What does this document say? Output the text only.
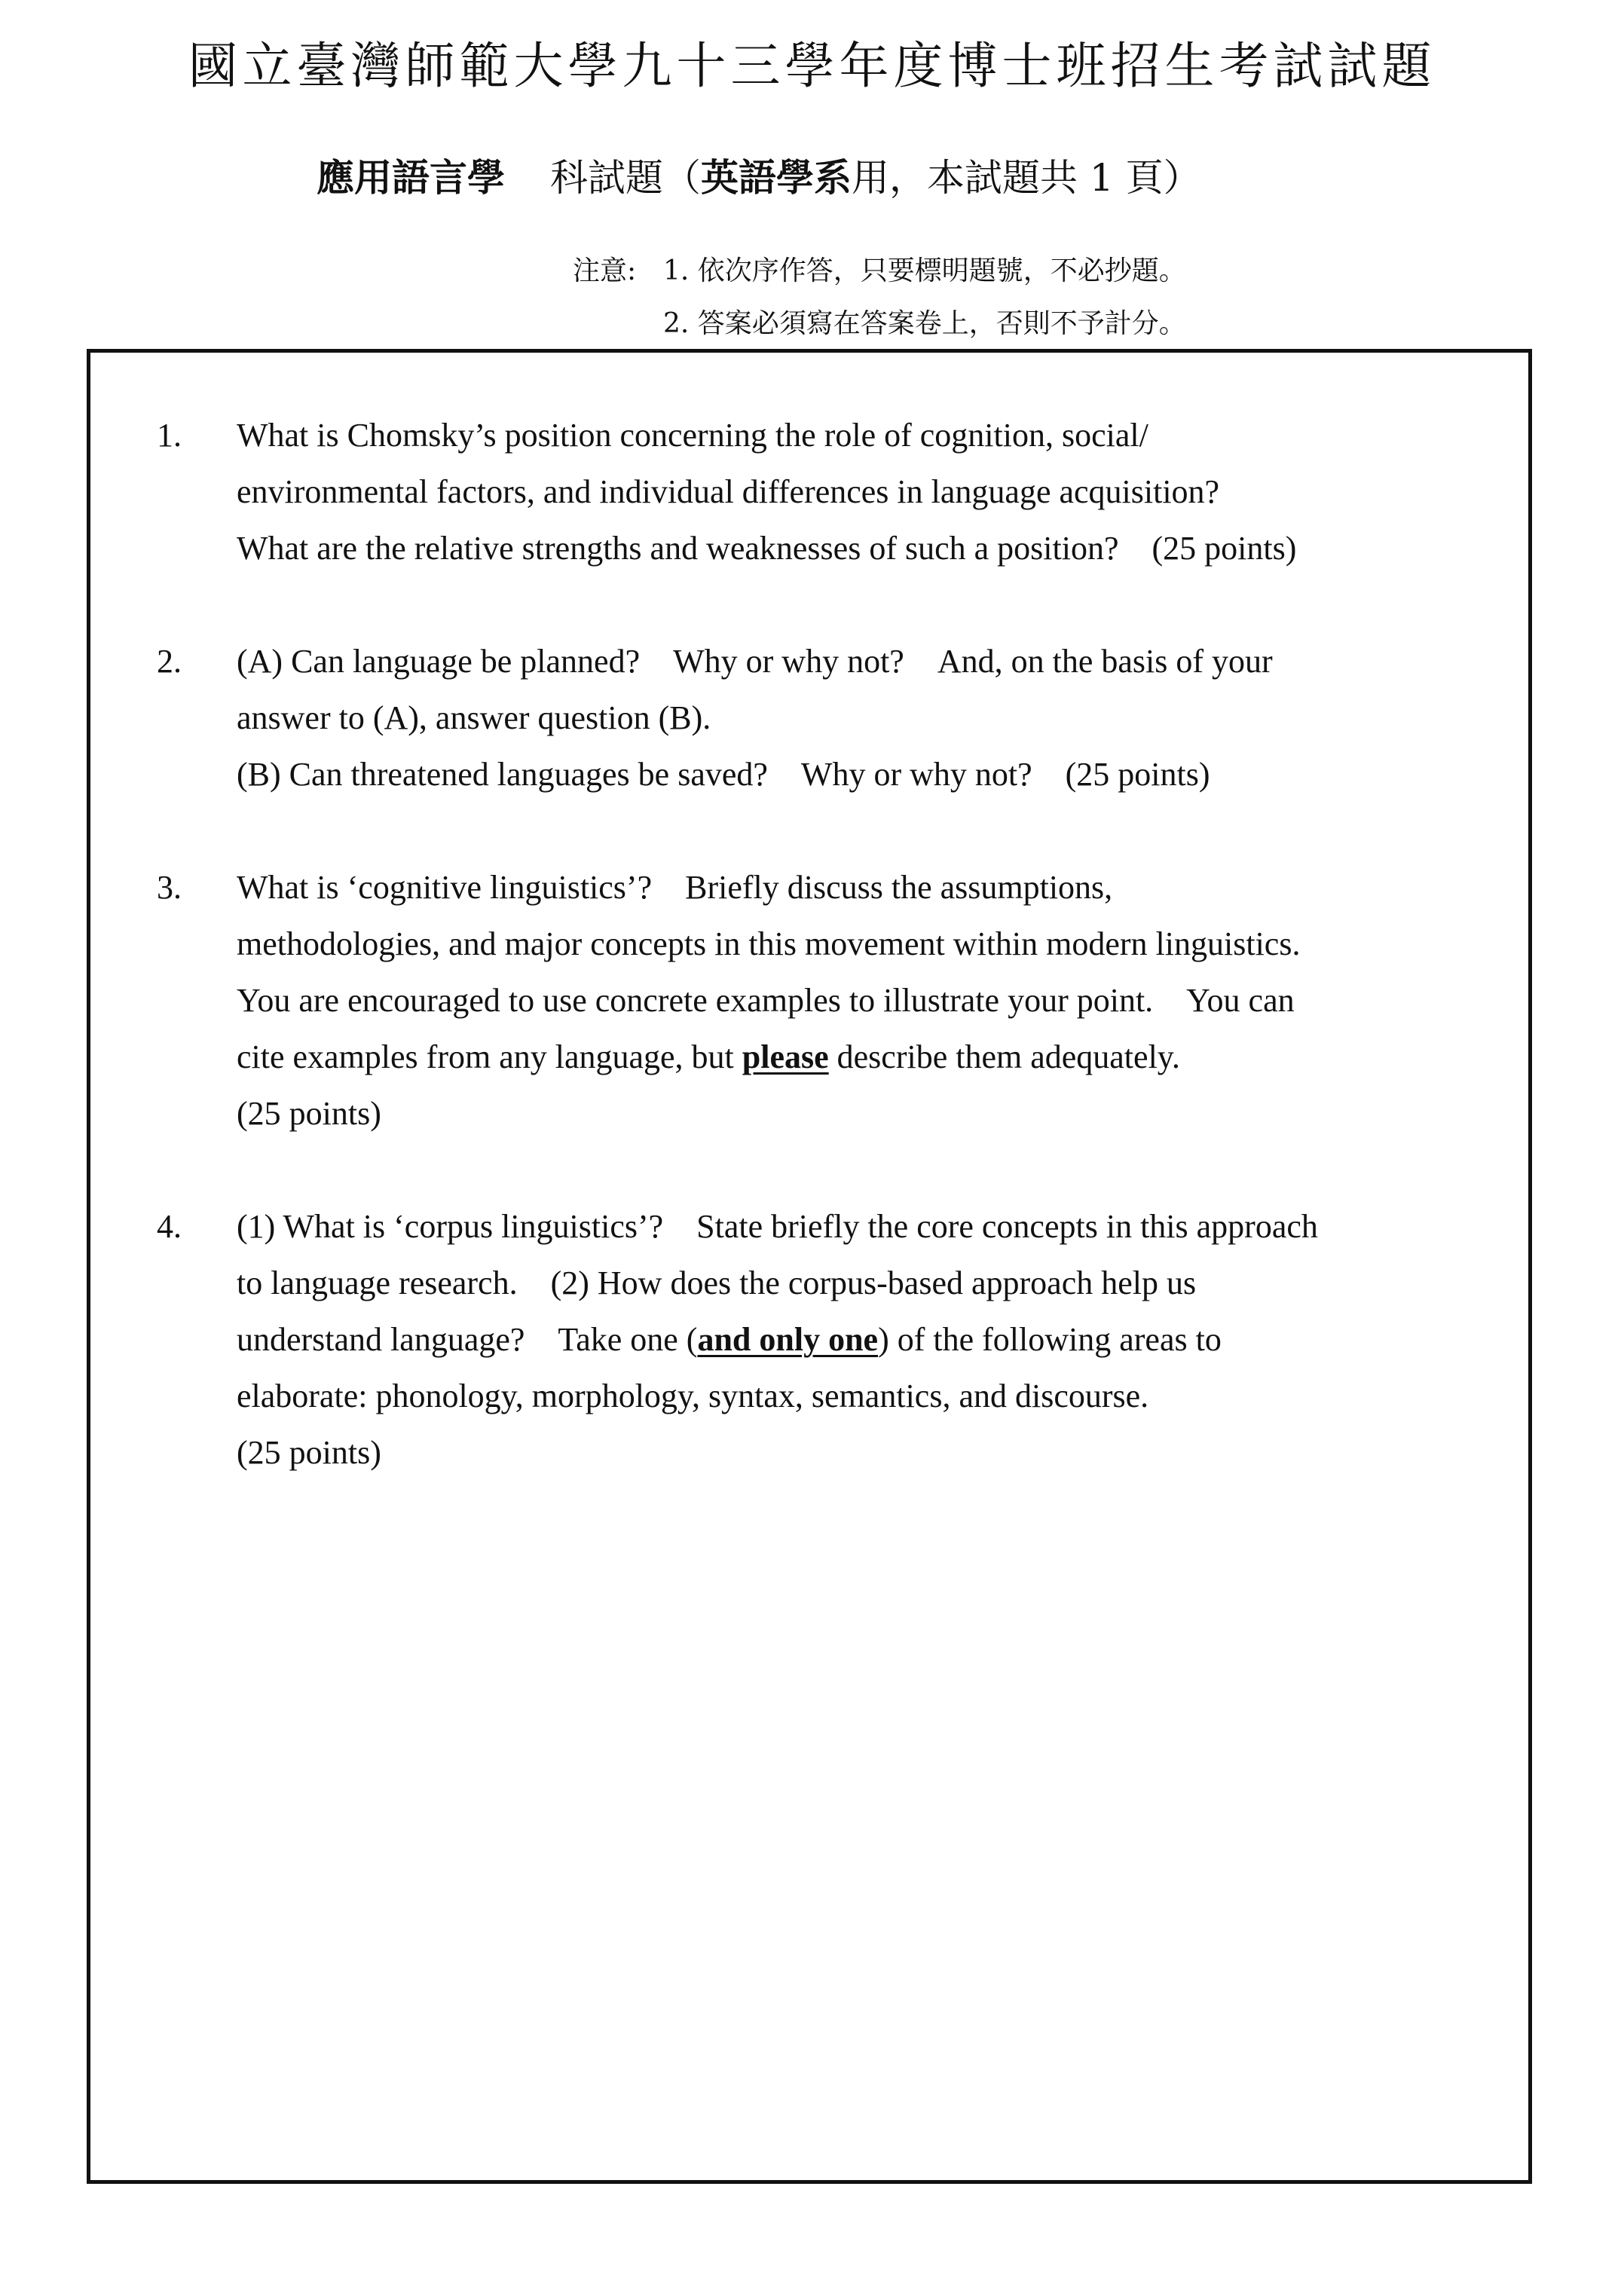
國立臺灣師範大學九十三學年度博士班招生考試試題
應用語言學 科試題（英語學系用，本試題共 1 頁）
注意: 1. 依次序作答，只要標明題號，不必抄題。
2. 答案必須寫在答案卷上，否則不予計分。
1. What is Chomsky’s position concerning the role of cognition, social/
environmental factors, and individual differences in language acquisition?
What are the relative strengths and weaknesses of such a position?    (25 points)
2. (A) Can language be planned?    Why or why not?    And, on the basis of your
answer to (A), answer question (B).
(B) Can threatened languages be saved?    Why or why not?    (25 points)
3. What is ‘cognitive linguistics’?    Briefly discuss the assumptions,
methodologies, and major concepts in this movement within modern linguistics.
You are encouraged to use concrete examples to illustrate your point.    You can
cite examples from any language, but please describe them adequately.
(25 points)
4. (1) What is ‘corpus linguistics’?    State briefly the core concepts in this approach
to language research.    (2) How does the corpus-based approach help us
understand language?    Take one (and only one) of the following areas to
elaborate: phonology, morphology, syntax, semantics, and discourse.
(25 points)
